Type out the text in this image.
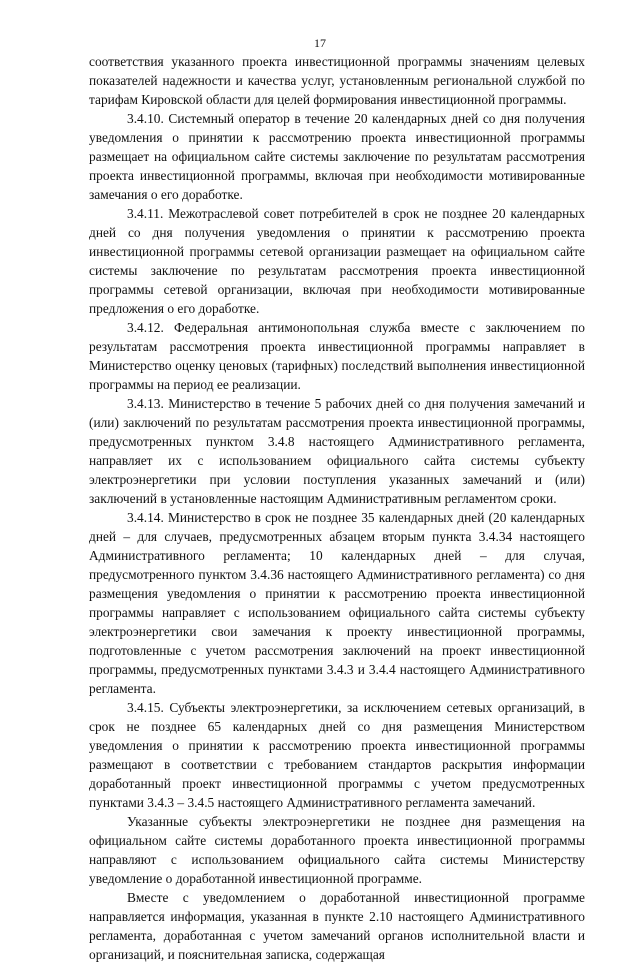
17

соответствия указанного проекта инвестиционной программы значениям целевых показателей надежности и качества услуг, установленным региональной службой по тарифам Кировской области для целей формирования инвестиционной программы.

3.4.10. Системный оператор в течение 20 календарных дней со дня получения уведомления о принятии к рассмотрению проекта инвестиционной программы размещает на официальном сайте системы заключение по результатам рассмотрения проекта инвестиционной программы, включая при необходимости мотивированные замечания о его доработке.

3.4.11. Межотраслевой совет потребителей в срок не позднее 20 календарных дней со дня получения уведомления о принятии к рассмотрению проекта инвестиционной программы сетевой организации размещает на официальном сайте системы заключение по результатам рассмотрения проекта инвестиционной программы сетевой организации, включая при необходимости мотивированные предложения о его доработке.

3.4.12. Федеральная антимонопольная служба вместе с заключением по результатам рассмотрения проекта инвестиционной программы направляет в Министерство оценку ценовых (тарифных) последствий выполнения инвестиционной программы на период ее реализации.

3.4.13. Министерство в течение 5 рабочих дней со дня получения замечаний и (или) заключений по результатам рассмотрения проекта инвестиционной программы, предусмотренных пунктом 3.4.8 настоящего Административного регламента, направляет их с использованием официального сайта системы субъекту электроэнергетики при условии поступления указанных замечаний и (или) заключений в установленные настоящим Административным регламентом сроки.

3.4.14. Министерство в срок не позднее 35 календарных дней (20 календарных дней – для случаев, предусмотренных абзацем вторым пункта 3.4.34 настоящего Административного регламента; 10 календарных дней – для случая, предусмотренного пунктом 3.4.36 настоящего Административного регламента) со дня размещения уведомления о принятии к рассмотрению проекта инвестиционной программы направляет с использованием официального сайта системы субъекту электроэнергетики свои замечания к проекту инвестиционной программы, подготовленные с учетом рассмотрения заключений на проект инвестиционной программы, предусмотренных пунктами 3.4.3 и 3.4.4 настоящего Административного регламента.

3.4.15. Субъекты электроэнергетики, за исключением сетевых организаций, в срок не позднее 65 календарных дней со дня размещения Министерством уведомления о принятии к рассмотрению проекта инвестиционной программы размещают в соответствии с требованием стандартов раскрытия информации доработанный проект инвестиционной программы с учетом предусмотренных пунктами 3.4.3 – 3.4.5 настоящего Административного регламента замечаний.

Указанные субъекты электроэнергетики не позднее дня размещения на официальном сайте системы доработанного проекта инвестиционной программы направляют с использованием официального сайта системы Министерству уведомление о доработанной инвестиционной программе.

Вместе с уведомлением о доработанной инвестиционной программе направляется информация, указанная в пункте 2.10 настоящего Административного регламента, доработанная с учетом замечаний органов исполнительной власти и организаций, и пояснительная записка, содержащая
